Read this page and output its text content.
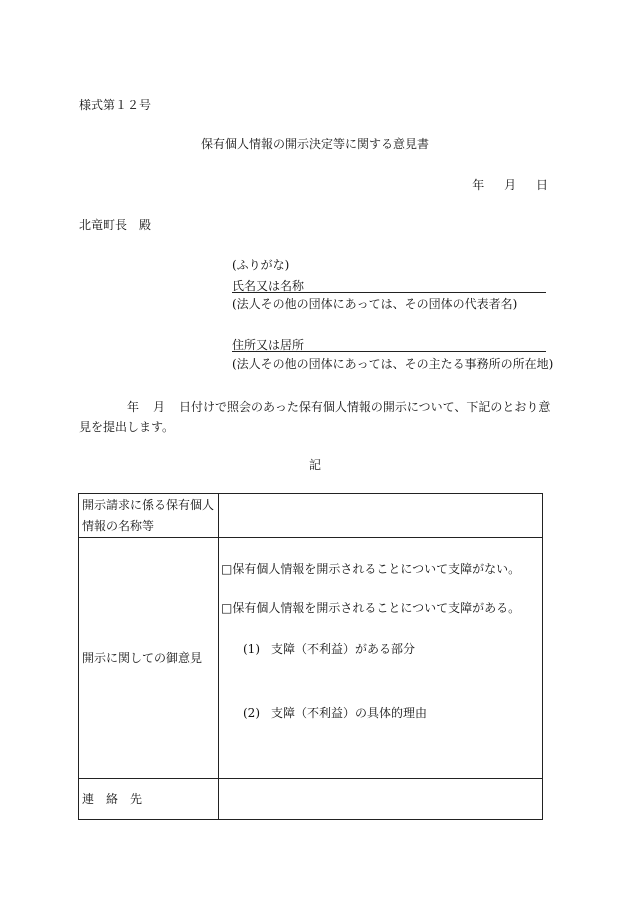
様式第１２号
保有個人情報の開示決定等に関する意見書
年 月 日
北竜町長　殿
(ふりがな)
氏名又は名称
(法人その他の団体にあっては、その団体の代表者名)
住所又は居所
(法人その他の団体にあっては、その主たる事務所の所在地)
年 月 日付けで照会のあった保有個人情報の開示について、下記のとおり意見を提出します。
記
開示請求に係る保有個人情報の名称等	
開示に関しての御意見	□保有個人情報を開示されることについて支障がない。
□保有個人情報を開示されることについて支障がある。
(1) 支障（不利益）がある部分
(2) 支障（不利益）の具体的理由

連　絡　先	
